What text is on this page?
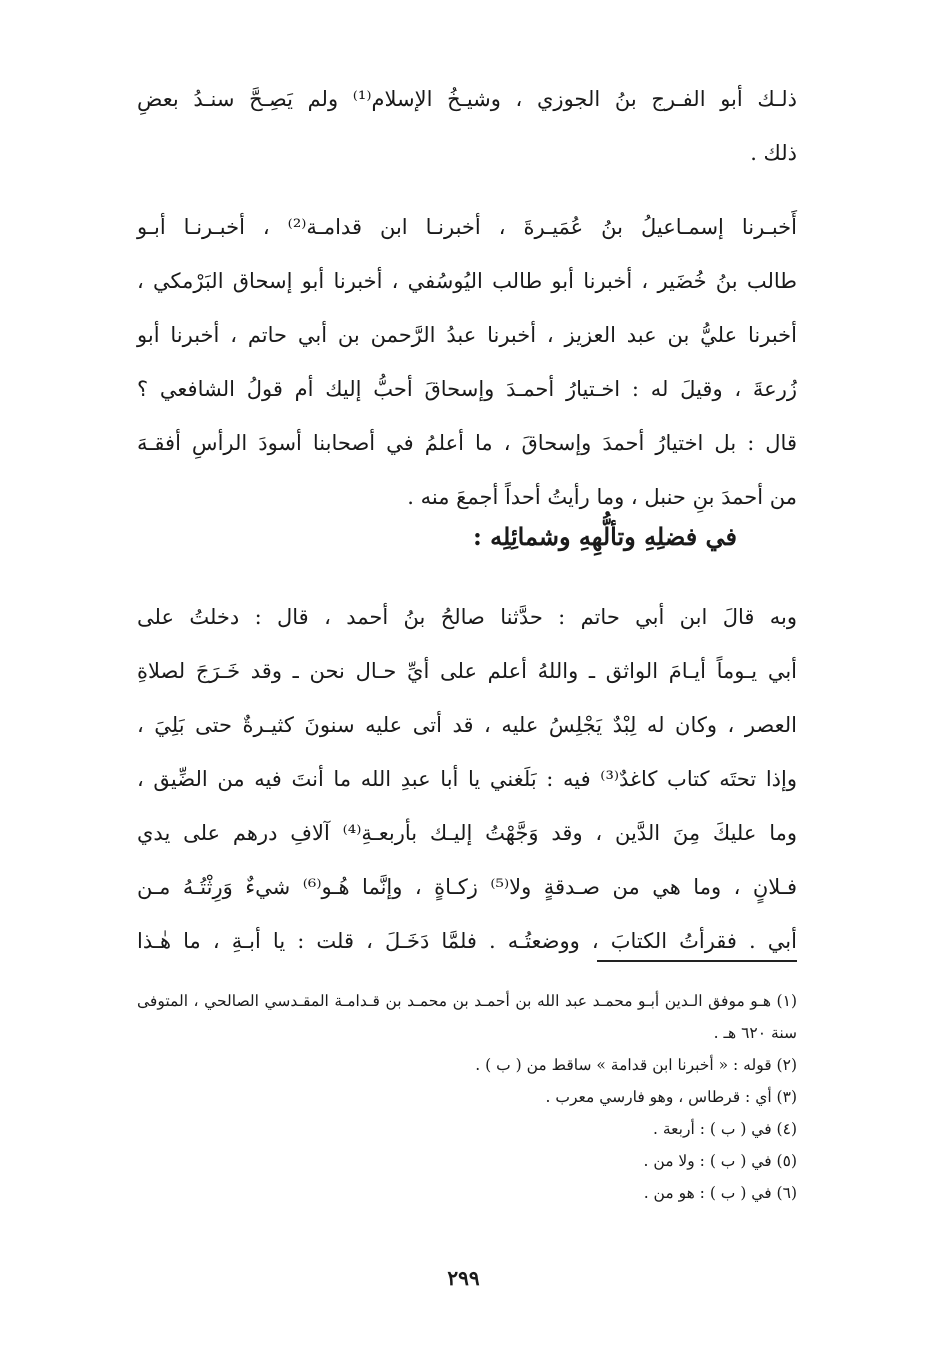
ذلـك أبو الفـرج بنُ الجوزي ، وشيـخُ الإسلام⁽¹⁾ ولم يَصِـحَّ سنـدُ بعضِ
ذلك .
أَخبـرنا إسمـاعيلُ بنُ عُمَيـرةَ ، أخبرنـا ابن قدامـة⁽²⁾ ، أخبـرنـا أبـو
طالب بنُ خُضَير ، أخبرنا أبو طالب اليُوسُفي ، أخبرنا أبو إسحاق البَرْمكي ،
أخبرنا عليُّ بن عبد العزيز ، أخبرنا عبدُ الرَّحمن بن أبي حاتم ، أخبرنا أبو
زُرعةَ ، وقيلَ له : اخـتيارُ أحمـدَ وإسحاقَ أحبُّ إليك أم قولُ الشافعي ؟
قال : بل اختيارُ أحمدَ وإسحاقَ ، ما أعلمُ في أصحابنا أسودَ الرأسِ أفقـهَ
من أحمدَ بنِ حنبل ، وما رأيتُ أحداً أجمعَ منه .
في فضلِهِ وتألُّهِهِ وشمائِلِه :
وبه قالَ ابن أبي حاتم : حدَّثنا صالحُ بنُ أحمد ، قال : دخلتُ على
أبي يـوماً أيـامَ الواثق ـ واللهُ أعلم على أيِّ حـال نحن ـ وقد خَـرَجَ لصلاةِ
العصر ، وكان له لِبْدٌ يَجْلِسُ عليه ، قد أتى عليه سنونَ كثيـرةٌ حتى بَلِيَ ،
وإذا تحتَه كتاب كاغدٌ⁽³⁾ فيه : بَلَغني يا أبا عبدِ الله ما أنتَ فيه من الضِّيق ،
وما عليكَ مِنَ الدَّين ، وقد وَجَّهْتُ إليـك بأربعـةِ⁽⁴⁾ آلافِ درهم على يدي
فـلانٍ ، وما هي من صـدقةٍ ولا⁽⁵⁾ زكـاةٍ ، وإنَّما هُـو⁽⁶⁾ شيءٌ وَرِثْتُـهُ مـن
أبي . فقرأتُ الكتابَ ، ووضعتُـه . فلمَّا دَخَـلَ ، قلت : يا أبـةِ ، ما هٰـذا
(١) هـو موفق الـدين أبـو محمـد عبد الله بن أحمـد بن محمـد بن قـدامـة المقـدسي الصالحي ، المتوفى سنة ٦٢٠ هـ .
(٢) قوله : « أخبرنا ابن قدامة » ساقط من ( ب ) .
(٣) أي : قرطاس ، وهو فارسي معرب .
(٤) في ( ب ) : أربعة .
(٥) في ( ب ) : ولا من .
(٦) في ( ب ) : هو من .
٢٩٩
